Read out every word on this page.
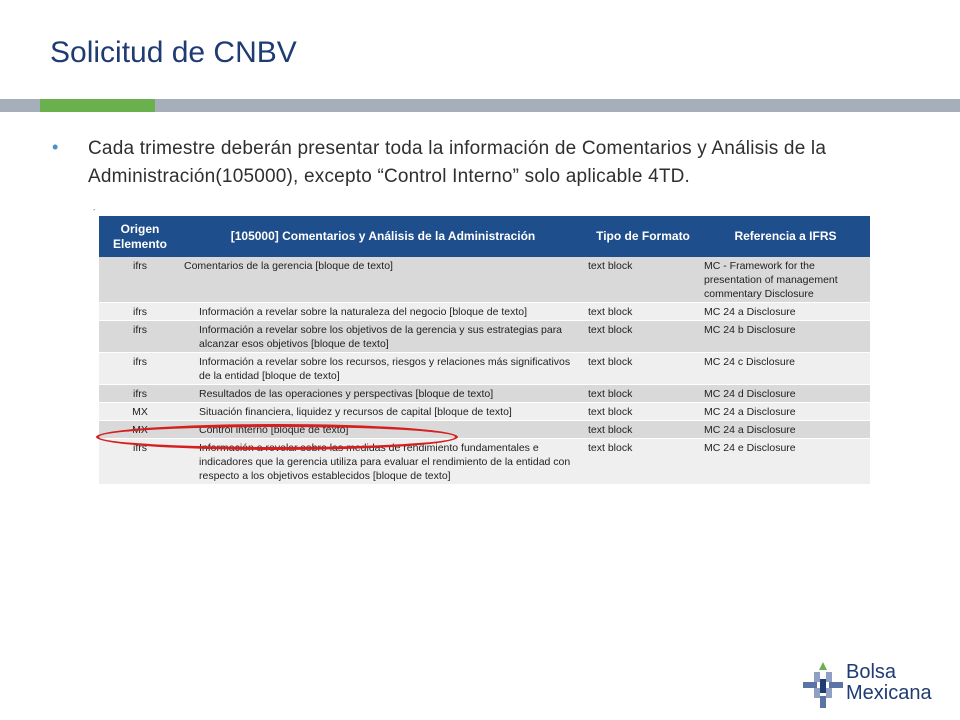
Solicitud de CNBV
• Cada trimestre deberán presentar toda la información de Comentarios y Análisis de la Administración(105000), excepto “Control Interno” solo aplicable 4TD.
´
Origen Elemento	[105000] Comentarios y Análisis de la Administración	Tipo de Formato	Referencia a IFRS
ifrs	Comentarios de la gerencia [bloque de texto]	text block	MC - Framework for the presentation of management commentary Disclosure
ifrs	Información a revelar sobre la naturaleza del negocio [bloque de texto]	text block	MC 24 a Disclosure
ifrs	Información a revelar sobre los objetivos de la gerencia y sus estrategias para alcanzar esos objetivos [bloque de texto]	text block	MC 24 b Disclosure
ifrs	Información a revelar sobre los recursos, riesgos y relaciones más significativos de la entidad [bloque de texto]	text block	MC 24 c Disclosure
ifrs	Resultados de las operaciones y perspectivas [bloque de texto]	text block	MC 24 d Disclosure
MX	Situación financiera, liquidez y recursos de capital [bloque de texto]	text block	MC 24 a Disclosure
MX	Control interno [bloque de texto]	text block	MC 24 a Disclosure
ifrs	Información a revelar sobre las medidas de rendimiento fundamentales e indicadores que la gerencia utiliza para evaluar el rendimiento de la entidad con respecto a los objetivos establecidos [bloque de texto]	text block	MC 24 e Disclosure
Bolsa
Mexicana
